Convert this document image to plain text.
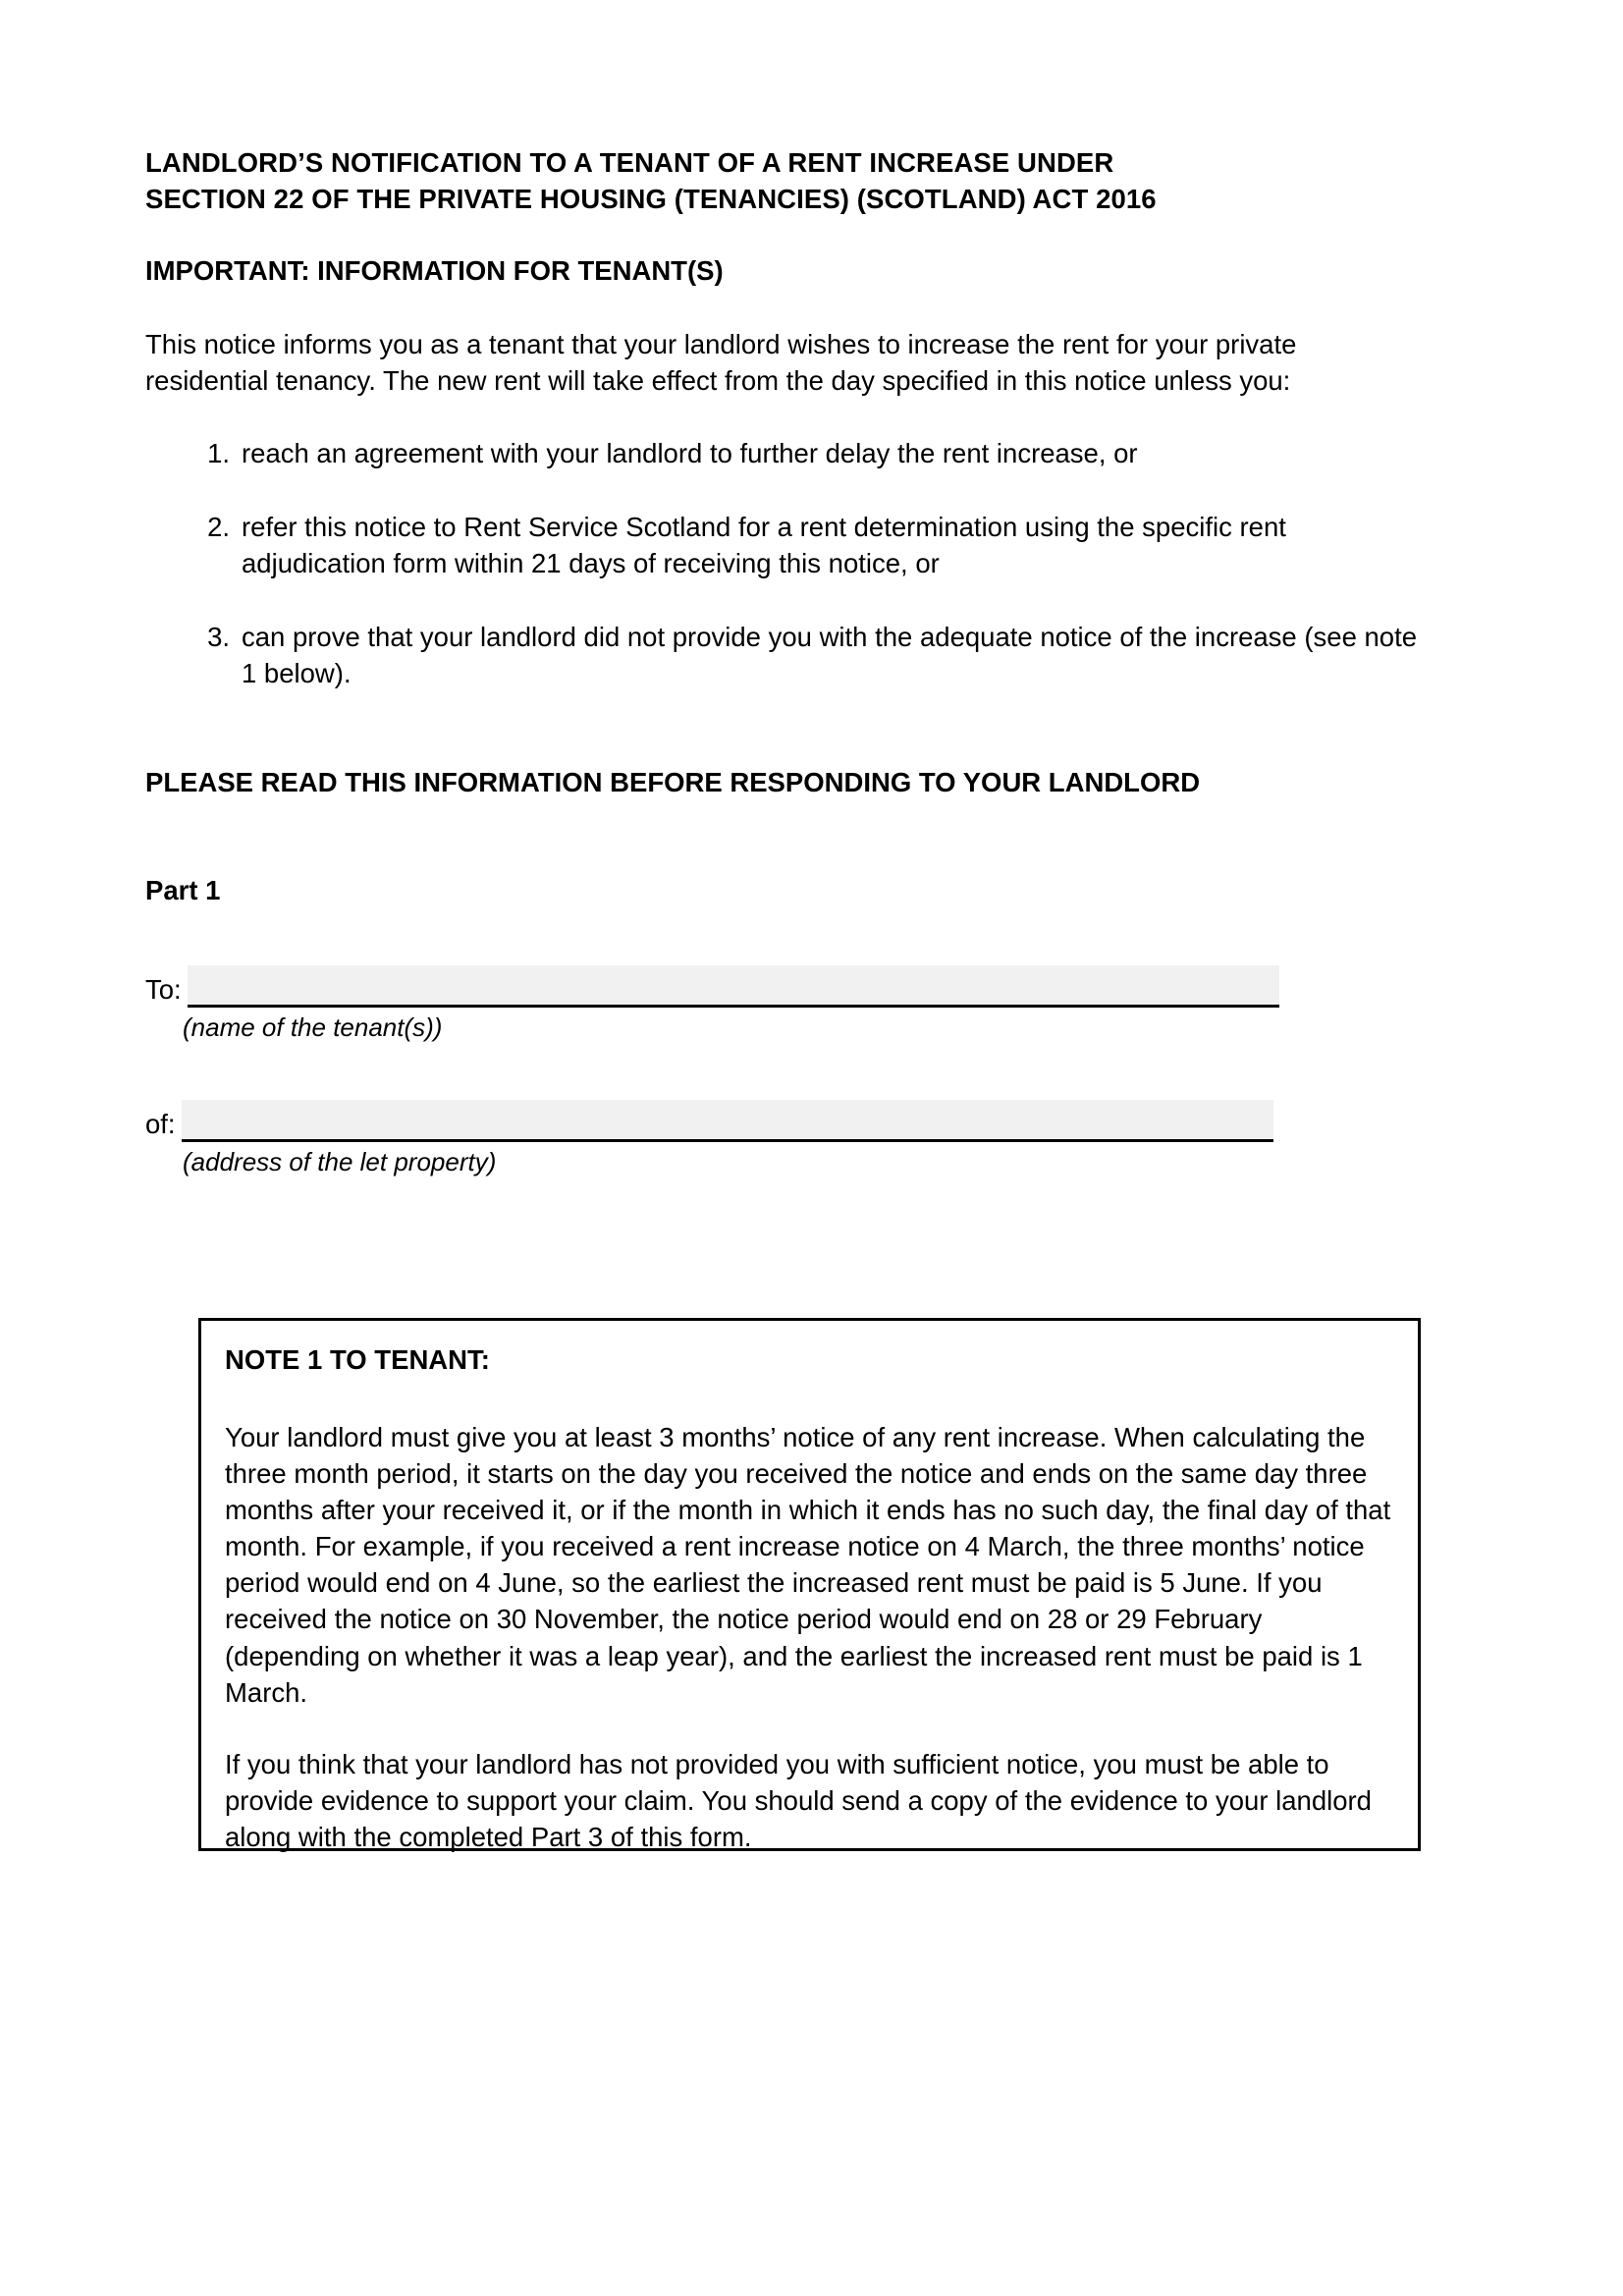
LANDLORD’S NOTIFICATION TO A TENANT OF A RENT INCREASE UNDER
SECTION 22 OF THE PRIVATE HOUSING (TENANCIES) (SCOTLAND) ACT 2016
IMPORTANT: INFORMATION FOR TENANT(S)

This notice informs you as a tenant that your landlord wishes to increase the rent for your private residential tenancy. The new rent will take effect from the day specified in this notice unless you:

1. reach an agreement with your landlord to further delay the rent increase, or
2. refer this notice to Rent Service Scotland for a rent determination using the specific rent adjudication form within 21 days of receiving this notice, or
3. can prove that your landlord did not provide you with the adequate notice of the increase (see note 1 below).
PLEASE READ THIS INFORMATION BEFORE RESPONDING TO YOUR LANDLORD
Part 1
To:
(name of the tenant(s))
of:
(address of the let property)
NOTE 1 TO TENANT:

Your landlord must give you at least 3 months’ notice of any rent increase. When calculating the three month period, it starts on the day you received the notice and ends on the same day three months after your received it, or if the month in which it ends has no such day, the final day of that month. For example, if you received a rent increase notice on 4 March, the three months’ notice period would end on 4 June, so the earliest the increased rent must be paid is 5 June. If you received the notice on 30 November, the notice period would end on 28 or 29 February (depending on whether it was a leap year), and the earliest the increased rent must be paid is 1 March.

If you think that your landlord has not provided you with sufficient notice, you must be able to provide evidence to support your claim. You should send a copy of the evidence to your landlord along with the completed Part 3 of this form.
